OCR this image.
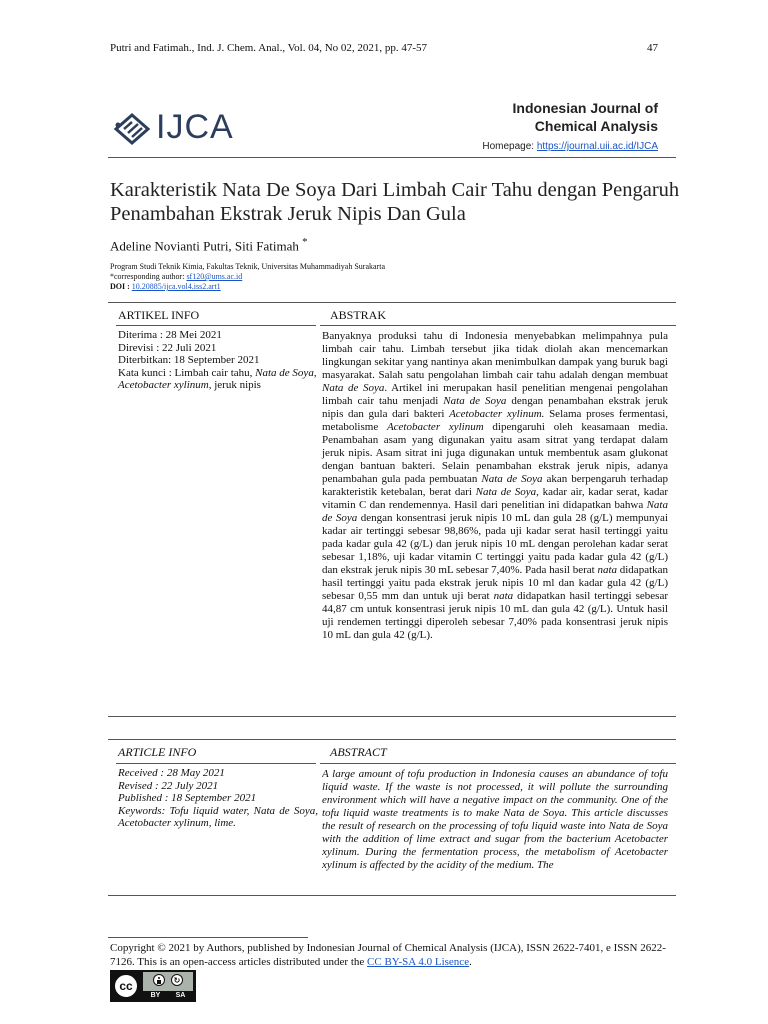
Putri and Fatimah., Ind. J. Chem. Anal., Vol. 04, No 02, 2021, pp. 47-57	47
IJCA	Indonesian Journal of
Chemical Analysis
Homepage: https://journal.uii.ac.id/IJCA
Karakteristik Nata De Soya Dari Limbah Cair Tahu dengan Pengaruh Penambahan Ekstrak Jeruk Nipis Dan Gula
Adeline Novianti Putri, Siti Fatimah *
Program Studi Teknik Kimia, Fakultas Teknik, Universitas Muhammadiyah Surakarta
*corresponding author: sf120@ums.ac.id
DOI : 10.20885/ijca.vol4.iss2.art1
ARTIKEL INFO	ABSTRAK
Diterima : 28 Mei 2021
Direvisi : 22 Juli 2021
Diterbitkan: 18 September 2021
Kata kunci : Limbah cair tahu, Nata de Soya, Acetobacter xylinum, jeruk nipis
Banyaknya produksi tahu di Indonesia menyebabkan melimpahnya pula limbah cair tahu. Limbah tersebut jika tidak diolah akan mencemarkan lingkungan sekitar yang nantinya akan menimbulkan dampak yang buruk bagi masyarakat. Salah satu pengolahan limbah cair tahu adalah dengan membuat Nata de Soya. Artikel ini merupakan hasil penelitian mengenai pengolahan limbah cair tahu menjadi Nata de Soya dengan penambahan ekstrak jeruk nipis dan gula dari bakteri Acetobacter xylinum. Selama proses fermentasi, metabolisme Acetobacter xylinum dipengaruhi oleh keasamaan media. Penambahan asam yang digunakan yaitu asam sitrat yang terdapat dalam jeruk nipis. Asam sitrat ini juga digunakan untuk membentuk asam glukonat dengan bantuan bakteri. Selain penambahan ekstrak jeruk nipis, adanya penambahan gula pada pembuatan Nata de Soya akan berpengaruh terhadap karakteristik ketebalan, berat dari Nata de Soya, kadar air, kadar serat, kadar vitamin C dan rendemennya. Hasil dari penelitian ini didapatkan bahwa Nata de Soya dengan konsentrasi jeruk nipis 10 mL dan gula 28 (g/L) mempunyai kadar air tertinggi sebesar 98,86%, pada uji kadar serat hasil tertinggi yaitu pada kadar gula 42 (g/L) dan jeruk nipis 10 mL dengan perolehan kadar serat sebesar 1,18%, uji kadar vitamin C tertinggi yaitu pada kadar gula 42 (g/L) dan ekstrak jeruk nipis 30 mL sebesar 7,40%. Pada hasil berat nata didapatkan hasil tertinggi yaitu pada ekstrak jeruk nipis 10 ml dan kadar gula 42 (g/L) sebesar 0,55 mm dan untuk uji berat nata didapatkan hasil tertinggi sebesar 44,87 cm untuk konsentrasi jeruk nipis 10 mL dan gula 42 (g/L). Untuk hasil uji rendemen tertinggi diperoleh sebesar 7,40% pada konsentrasi jeruk nipis 10 mL dan gula 42 (g/L).
ARTICLE INFO	ABSTRACT
Received : 28 May 2021
Revised : 22 July 2021
Published : 18 September 2021
Keywords: Tofu liquid water, Nata de Soya, Acetobacter xylinum, lime.
A large amount of tofu production in Indonesia causes an abundance of tofu liquid waste. If the waste is not processed, it will pollute the surrounding environment which will have a negative impact on the community. One of the tofu liquid waste treatments is to make Nata de Soya. This article discusses the result of research on the processing of tofu liquid waste into Nata de Soya with the addition of lime extract and sugar from the bacterium Acetobacter xylinum. During the fermentation process, the metabolism of Acetobacter xylinum is affected by the acidity of the medium. The
Copyright © 2021 by Authors, published by Indonesian Journal of Chemical Analysis (IJCA), ISSN 2622-7401, e ISSN 2622-7126. This is an open-access articles distributed under the CC BY-SA 4.0 Lisence.
cc	↻
BY SA
